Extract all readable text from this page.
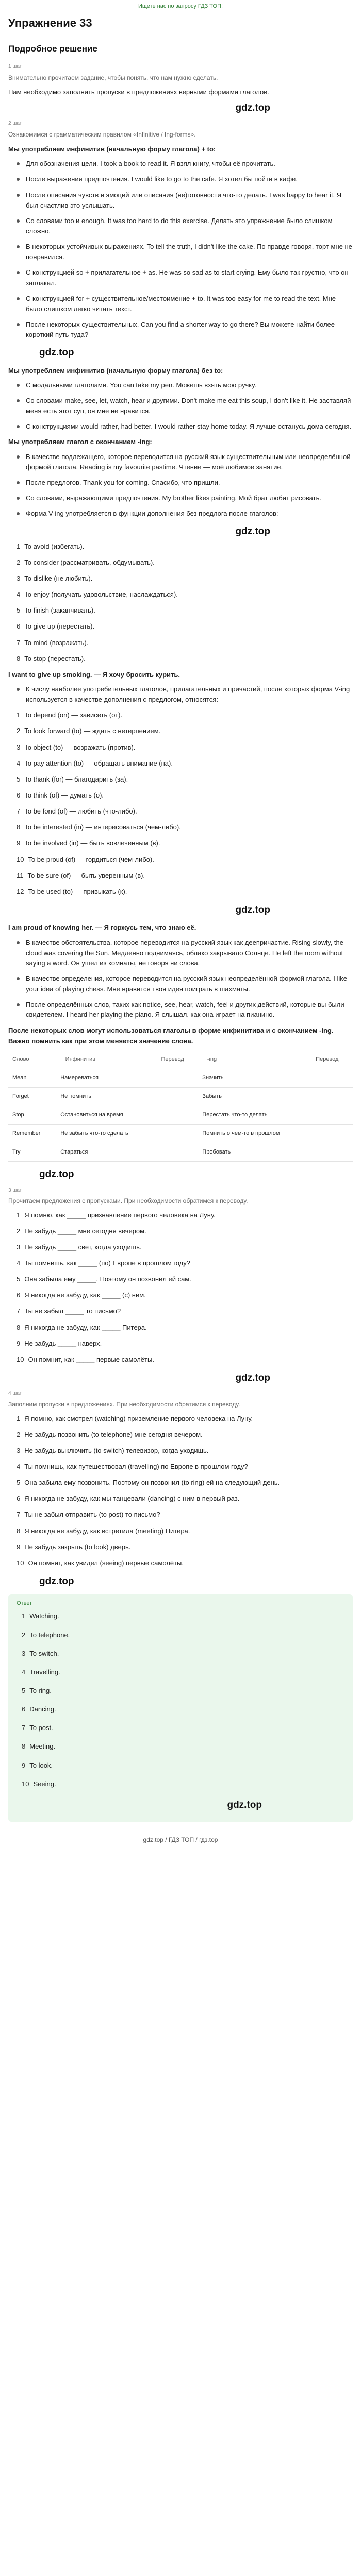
Ищете нас по запросу ГДЗ ТОП!
Упражнение 33
Подробное решение
1 шаг
Внимательно прочитаем задание, чтобы понять, что нам нужно сделать.

Нам необходимо заполнить пропуски в предложениях верными формами глаголов.

gdz.top
2 шаг
Ознакомимся с грамматическим правилом «Infinitive / Ing-forms».
Мы употребляем инфинитив (начальную форму глагола) + to:
Для обозначения цели. I took a book to read it. Я взял книгу, чтобы её прочитать.
После выражения предпочтения. I would like to go to the cafe. Я хотел бы пойти в кафе.
После описания чувств и эмоций или описания (не)готовности что-то делать. I was happy to hear it. Я был счастлив это услышать.
Со словами too и enough. It was too hard to do this exercise. Делать это упражнение было слишком сложно.
В некоторых устойчивых выражениях. To tell the truth, I didn't like the cake. По правде говоря, торт мне не понравился.
С конструкцией so + прилагательное + as. He was so sad as to start crying. Ему было так грустно, что он заплакал.
С конструкцией for + существительное/местоимение + to. It was too easy for me to read the text. Мне было слишком легко читать текст.
После некоторых существительных. Can you find a shorter way to go there? Вы можете найти более короткий путь туда?
gdz.top
Мы употребляем инфинитив (начальную форму глагола) без to:
С модальными глаголами. You can take my pen. Можешь взять мою ручку.
Со словами make, see, let, watch, hear и другими. Don't make me eat this soup, I don't like it. Не заставляй меня есть этот суп, он мне не нравится.
С конструкциями would rather, had better. I would rather stay home today. Я лучше останусь дома сегодня.
Мы употребляем глагол с окончанием -ing:
В качестве подлежащего, которое переводится на русский язык существительным или неопределённой формой глагола. Reading is my favourite pastime. Чтение — моё любимое занятие.
После предлогов. Thank you for coming. Спасибо, что пришли.
Со словами, выражающими предпочтения. My brother likes painting. Мой брат любит рисовать.
Форма V-ing употребляется в функции дополнения без предлога после глаголов:
gdz.top
1 To avoid (избегать).
2 To consider (рассматривать, обдумывать).
3 To dislike (не любить).
4 To enjoy (получать удовольствие, наслаждаться).
5 To finish (заканчивать).
6 To give up (перестать).
7 To mind (возражать).
8 To stop (перестать).

I want to give up smoking. — Я хочу бросить курить.

К числу наиболее употребительных глаголов, прилагательных и причастий, после которых форма V-ing используется в качестве дополнения с предлогом, относятся:
1 To depend (on) — зависеть (от).
2 To look forward (to) — ждать с нетерпением.
3 To object (to) — возражать (против).
4 To pay attention (to) — обращать внимание (на).
5 To thank (for) — благодарить (за).
6 To think (of) — думать (о).
7 To be fond (of) — любить (что-либо).
8 To be interested (in) — интересоваться (чем-либо).
9 To be involved (in) — быть вовлеченным (в).
10 To be proud (of) — гордиться (чем-либо).
11 To be sure (of) — быть уверенным (в).
12 To be used (to) — привыкать (к).
gdz.top

I am proud of knowing her. — Я горжусь тем, что знаю её.

В качестве обстоятельства, которое переводится на русский язык как деепричастие. Rising slowly, the cloud was covering the Sun. Медленно поднимаясь, облако закрывало Солнце. He left the room without saying a word. Он ушел из комнаты, не говоря ни слова.
В качестве определения, которое переводится на русский язык неопределённой формой глагола. I like your idea of playing chess. Мне нравится твоя идея поиграть в шахматы.
После определённых слов, таких как notice, see, hear, watch, feel и других действий, которые вы были свидетелем. I heard her playing the piano. Я слышал, как она играет на пианино.

После некоторых слов могут использоваться глаголы в форме инфинитива и с окончанием -ing. Важно помнить как при этом меняется значение слова.

Слово	+ Инфинитив	Перевод	+ -ing	Перевод
Mean	Намереваться		Значить	
Forget	Не помнить		Забыть	
Stop	Остановиться на время		Перестать что-то делать	
Remember	Не забыть что-то сделать		Помнить о чем-то в прошлом	
Try	Стараться		Пробовать	
gdz.top
3 шаг
Прочитаем предложения с пропусками. При необходимости обратимся к переводу.
1 Я помню, как _____ признавление первого человека на Луну.
2 Не забудь _____ мне сегодня вечером.
3 Не забудь _____ свет, когда уходишь.
4 Ты помнишь, как _____ (по) Европе в прошлом году?
5 Она забыла ему _____. Поэтому он позвонил ей сам.
6 Я никогда не забуду, как _____ (с) ним.
7 Ты не забыл _____ то письмо?
8 Я никогда не забуду, как _____ Питера.
9 Не забудь _____ наверх.
10 Он помнит, как _____ первые самолёты.
gdz.top
4 шаг
Заполним пропуски в предложениях. При необходимости обратимся к переводу.
1 Я помню, как смотрел (watching) приземление первого человека на Луну.
2 Не забудь позвонить (to telephone) мне сегодня вечером.
3 Не забудь выключить (to switch) телевизор, когда уходишь.
4 Ты помнишь, как путешествовал (travelling) по Европе в прошлом году?
5 Она забыла ему позвонить. Поэтому он позвонил (to ring) ей на следующий день.
6 Я никогда не забуду, как мы танцевали (dancing) с ним в первый раз.
7 Ты не забыл отправить (to post) то письмо?
8 Я никогда не забуду, как встретила (meeting) Питера.
9 Не забудь закрыть (to look) дверь.
10 Он помнит, как увидел (seeing) первые самолёты.
gdz.top
Ответ
1 Watching.
2 To telephone.
3 To switch.
4 Travelling.
5 To ring.
6 Dancing.
7 To post.
8 Meeting.
9 To look.
10 Seeing.
gdz.top
gdz.top / ГДЗ ТОП / гдз.top
